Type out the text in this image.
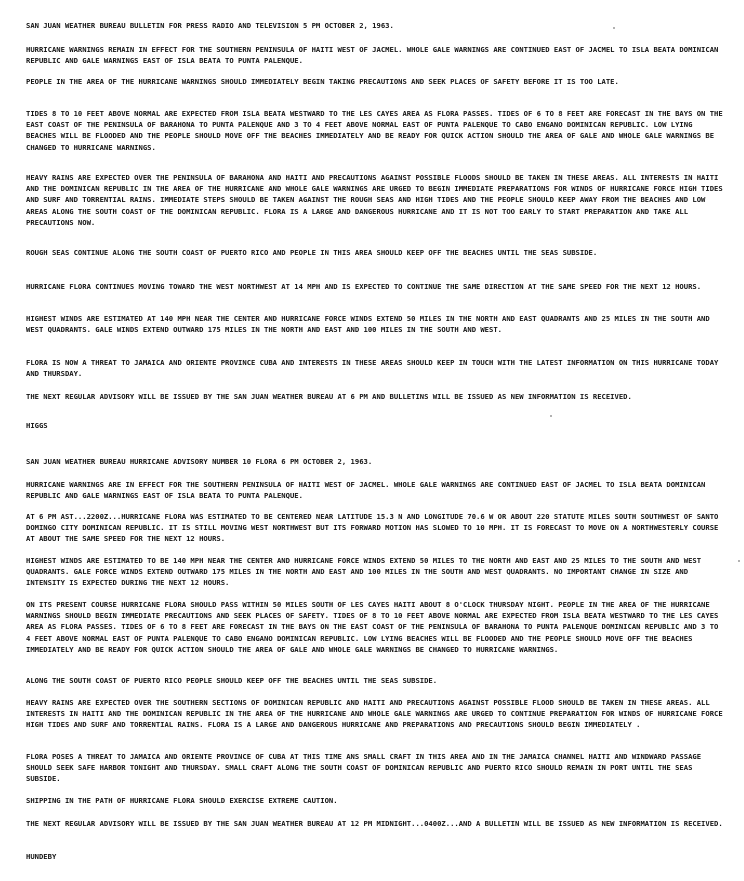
SAN JUAN WEATHER BUREAU BULLETIN FOR PRESS RADIO AND TELEVISION 5 PM OCTOBER 2, 1963.

HURRICANE WARNINGS REMAIN IN EFFECT FOR THE SOUTHERN PENINSULA OF HAITI WEST OF JACMEL. WHOLE GALE WARNINGS ARE CONTINUED EAST OF JACMEL TO ISLA BEATA DOMINICAN REPUBLIC AND GALE WARNINGS EAST OF ISLA BEATA TO PUNTA PALENQUE.

PEOPLE IN THE AREA OF THE HURRICANE WARNINGS SHOULD IMMEDIATELY BEGIN TAKING PRECAUTIONS AND SEEK PLACES OF SAFETY BEFORE IT IS TOO LATE.

TIDES 8 TO 10 FEET ABOVE NORMAL ARE EXPECTED FROM ISLA BEATA WESTWARD TO THE LES CAYES AREA AS FLORA PASSES. TIDES OF 6 TO 8 FEET ARE FORECAST IN THE BAYS ON THE EAST COAST OF THE PENINSULA OF BARAHONA TO PUNTA PALENQUE AND 3 TO 4 FEET ABOVE NORMAL EAST OF PUNTA PALENQUE TO CABO ENGANO DOMINICAN REPUBLIC. LOW LYING BEACHES WILL BE FLOODED AND THE PEOPLE SHOULD MOVE OFF THE BEACHES IMMEDIATELY AND BE READY FOR QUICK ACTION SHOULD THE AREA OF GALE AND WHOLE GALE WARNINGS BE CHANGED TO HURRICANE WARNINGS.

HEAVY RAINS ARE EXPECTED OVER THE PENINSULA OF BARAHONA AND HAITI AND PRECAUTIONS AGAINST POSSIBLE FLOODS SHOULD BE TAKEN IN THESE AREAS. ALL INTERESTS IN HAITI AND THE DOMINICAN REPUBLIC IN THE AREA OF THE HURRICANE AND WHOLE GALE WARNINGS ARE URGED TO BEGIN IMMEDIATE PREPARATIONS FOR WINDS OF HURRICANE FORCE HIGH TIDES AND SURF AND TORRENTIAL RAINS. IMMEDIATE STEPS SHOULD BE TAKEN AGAINST THE ROUGH SEAS AND HIGH TIDES AND THE PEOPLE SHOULD KEEP AWAY FROM THE BEACHES AND LOW AREAS ALONG THE SOUTH COAST OF THE DOMINICAN REPUBLIC. FLORA IS A LARGE AND DANGEROUS HURRICANE AND IT IS NOT TOO EARLY TO START PREPARATION AND TAKE ALL PRECAUTIONS NOW.

ROUGH SEAS CONTINUE ALONG THE SOUTH COAST OF PUERTO RICO AND PEOPLE IN THIS AREA SHOULD KEEP OFF THE BEACHES UNTIL THE SEAS SUBSIDE.

HURRICANE FLORA CONTINUES MOVING TOWARD THE WEST NORTHWEST AT 14 MPH AND IS EXPECTED TO CONTINUE THE SAME DIRECTION AT THE SAME SPEED FOR THE NEXT 12 HOURS.

HIGHEST WINDS ARE ESTIMATED AT 140 MPH NEAR THE CENTER AND HURRICANE FORCE WINDS EXTEND 50 MILES IN THE NORTH AND EAST QUADRANTS AND 25 MILES IN THE SOUTH AND WEST QUADRANTS. GALE WINDS EXTEND OUTWARD 175 MILES IN THE NORTH AND EAST AND 100 MILES IN THE SOUTH AND WEST.

FLORA IS NOW A THREAT TO JAMAICA AND ORIENTE PROVINCE CUBA AND INTERESTS IN THESE AREAS SHOULD KEEP IN TOUCH WITH THE LATEST INFORMATION ON THIS HURRICANE TODAY AND THURSDAY.

THE NEXT REGULAR ADVISORY WILL BE ISSUED BY THE SAN JUAN WEATHER BUREAU AT 6 PM AND BULLETINS WILL BE ISSUED AS NEW INFORMATION IS RECEIVED.

HIGGS

SAN JUAN WEATHER BUREAU HURRICANE ADVISORY NUMBER 10 FLORA 6 PM OCTOBER 2, 1963.

HURRICANE WARNINGS ARE IN EFFECT FOR THE SOUTHERN PENINSULA OF HAITI WEST OF JACMEL. WHOLE GALE WARNINGS ARE CONTINUED EAST OF JACMEL TO ISLA BEATA DOMINICAN REPUBLIC AND GALE WARNINGS EAST OF ISLA BEATA TO PUNTA PALENQUE.

AT 6 PM AST...2200Z...HURRICANE FLORA WAS ESTIMATED TO BE CENTERED NEAR LATITUDE 15.3 N AND LONGITUDE 70.6 W OR ABOUT 220 STATUTE MILES SOUTH SOUTHWEST OF SANTO DOMINGO CITY DOMINICAN REPUBLIC. IT IS STILL MOVING WEST NORTHWEST BUT ITS FORWARD MOTION HAS SLOWED TO 10 MPH. IT IS FORECAST TO MOVE ON A NORTHWESTERLY COURSE AT ABOUT THE SAME SPEED FOR THE NEXT 12 HOURS.

HIGHEST WINDS ARE ESTIMATED TO BE 140 MPH NEAR THE CENTER AND HURRICANE FORCE WINDS EXTEND 50 MILES TO THE NORTH AND EAST AND 25 MILES TO THE SOUTH AND WEST QUADRANTS. GALE FORCE WINDS EXTEND OUTWARD 175 MILES IN THE NORTH AND EAST AND 100 MILES IN THE SOUTH AND WEST QUADRANTS. NO IMPORTANT CHANGE IN SIZE AND INTENSITY IS EXPECTED DURING THE NEXT 12 HOURS.

ON ITS PRESENT COURSE HURRICANE FLORA SHOULD PASS WITHIN 50 MILES SOUTH OF LES CAYES HAITI ABOUT 8 O'CLOCK THURSDAY NIGHT. PEOPLE IN THE AREA OF THE HURRICANE WARNINGS SHOULD BEGIN IMMEDIATE PRECAUTIONS AND SEEK PLACES OF SAFETY. TIDES OF 8 TO 10 FEET ABOVE NORMAL ARE EXPECTED FROM ISLA BEATA WESTWARD TO THE LES CAYES AREA AS FLORA PASSES. TIDES OF 6 TO 8 FEET ARE FORECAST IN THE BAYS ON THE EAST COAST OF THE PENINSULA OF BARAHONA TO PUNTA PALENQUE DOMINICAN REPUBLIC AND 3 TO 4 FEET ABOVE NORMAL EAST OF PUNTA PALENQUE TO CABO ENGANO DOMINICAN REPUBLIC. LOW LYING BEACHES WILL BE FLOODED AND THE PEOPLE SHOULD MOVE OFF THE BEACHES IMMEDIATELY AND BE READY FOR QUICK ACTION SHOULD THE AREA OF GALE AND WHOLE GALE WARNINGS BE CHANGED TO HURRICANE WARNINGS.

ALONG THE SOUTH COAST OF PUERTO RICO PEOPLE SHOULD KEEP OFF THE BEACHES UNTIL THE SEAS SUBSIDE.

HEAVY RAINS ARE EXPECTED OVER THE SOUTHERN SECTIONS OF DOMINICAN REPUBLIC AND HAITI AND PRECAUTIONS AGAINST POSSIBLE FLOOD SHOULD BE TAKEN IN THESE AREAS. ALL INTERESTS IN HAITI AND THE DOMINICAN REPUBLIC IN THE AREA OF THE HURRICANE AND WHOLE GALE WARNINGS ARE URGED TO CONTINUE PREPARATION FOR WINDS OF HURRICANE FORCE HIGH TIDES AND SURF AND TORRENTIAL RAINS. FLORA IS A LARGE AND DANGEROUS HURRICANE AND PREPARATIONS AND PRECAUTIONS SHOULD BEGIN IMMEDIATELY .

FLORA POSES A THREAT TO JAMAICA AND ORIENTE PROVINCE OF CUBA AT THIS TIME ANS SMALL CRAFT IN THIS AREA AND IN THE JAMAICA CHANNEL HAITI AND WINDWARD PASSAGE SHOULD SEEK SAFE HARBOR TONIGHT AND THURSDAY. SMALL CRAFT ALONG THE SOUTH COAST OF DOMINICAN REPUBLIC AND PUERTO RICO SHOULD REMAIN IN PORT UNTIL THE SEAS SUBSIDE.

SHIPPING IN THE PATH OF HURRICANE FLORA SHOULD EXERCISE EXTREME CAUTION.

THE NEXT REGULAR ADVISORY WILL BE ISSUED BY THE SAN JUAN WEATHER BUREAU AT 12 PM MIDNIGHT...0400Z...AND A BULLETIN WILL BE ISSUED AS NEW INFORMATION IS RECEIVED.

HUNDEBY
